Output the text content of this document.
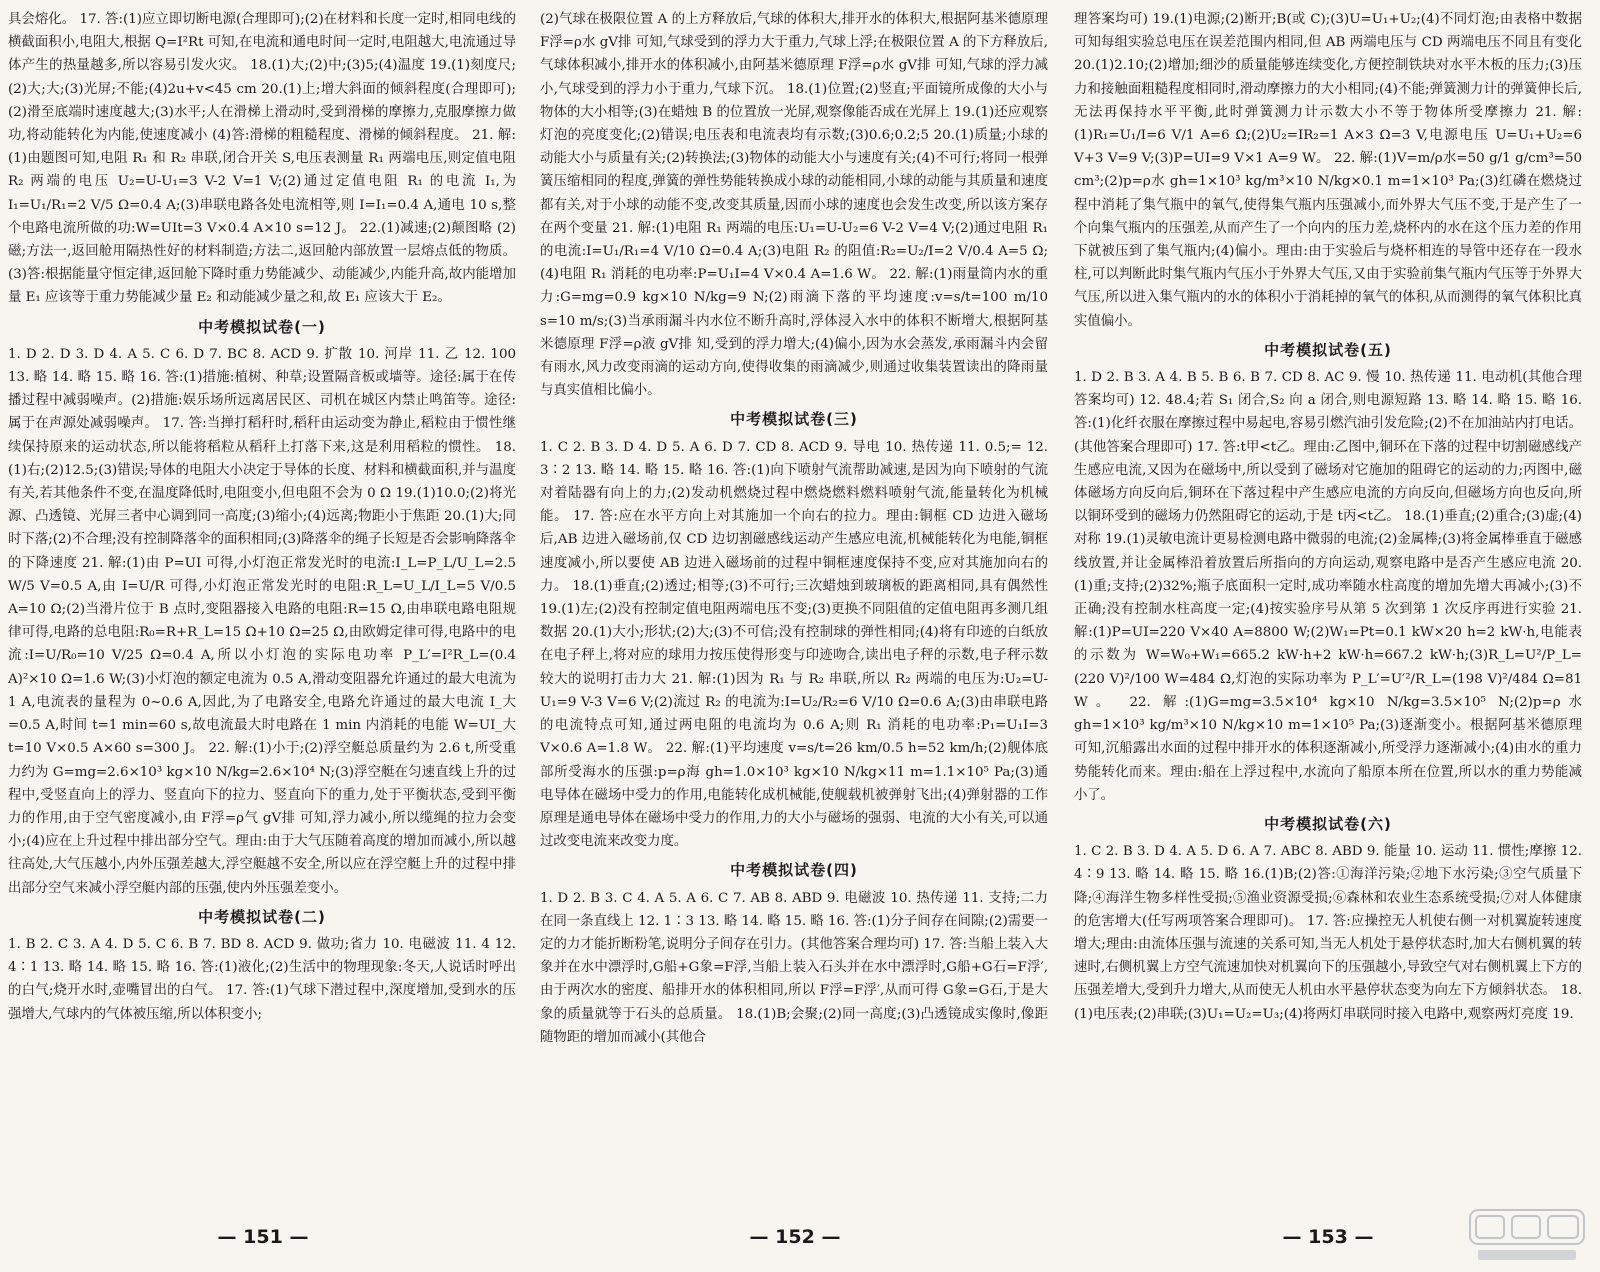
具会熔化。 17. 答:(1)应立即切断电源(合理即可);(2)在材料和长度一定时,相同电线的横截面积小,电阻大,根据 Q=I²Rt 可知,在电流和通电时间一定时,电阻越大,电流通过导体产生的热量越多,所以容易引发火灾。 18.(1)大;(2)中;(3)5;(4)温度 19.(1)刻度尺;(2)大;大;(3)光屏;不能;(4)2u+v<45 cm 20.(1)上;增大斜面的倾斜程度(合理即可);(2)滑至底端时速度越大;(3)水平;人在滑梯上滑动时,受到滑梯的摩擦力,克服摩擦力做功,将动能转化为内能,使速度减小 (4)答:滑梯的粗糙程度、滑梯的倾斜程度。 21. 解:(1)由题图可知,电阻 R₁ 和 R₂ 串联,闭合开关 S,电压表测量 R₁ 两端电压,则定值电阻 R₂ 两端的电压 U₂=U-U₁=3 V-2 V=1 V;(2)通过定值电阻 R₁ 的电流 I₁,为 I₁=U₁/R₁=2 V/5 Ω=0.4 A;(3)串联电路各处电流相等,则 I=I₁=0.4 A,通电 10 s,整个电路电流所做的功:W=UIt=3 V×0.4 A×10 s=12 J。 22.(1)减速;(2)颠图略 (2)磁;方法一,返回舱用隔热性好的材料制造;方法二,返回舱内部放置一层熔点低的物质。(3)答:根据能量守恒定律,返回舱下降时重力势能减少、动能减少,内能升高,故内能增加量 E₁ 应该等于重力势能减少量 E₂ 和动能减少量之和,故 E₁ 应该大于 E₂。

中考模拟试卷(一)

1. D 2. D 3. D 4. A 5. C 6. D 7. BC 8. ACD 9. 扩散 10. 河岸 11. 乙 12. 100 13. 略 14. 略 15. 略 16. 答:(1)措施:植树、种草;设置隔音板或墙等。途径:属于在传播过程中减弱噪声。(2)措施:娱乐场所远离居民区、司机在城区内禁止鸣笛等。途径:属于在声源处减弱噪声。 17. 答:当掸打稻秆时,稻秆由运动变为静止,稻粒由于惯性继续保持原来的运动状态,所以能将稻粒从稻秆上打落下来,这是利用稻粒的惯性。 18.(1)右;(2)12.5;(3)错误;导体的电阻大小决定于导体的长度、材料和横截面积,并与温度有关,若其他条件不变,在温度降低时,电阻变小,但电阻不会为 0 Ω 19.(1)10.0;(2)将光源、凸透镜、光屏三者中心调到同一高度;(3)缩小;(4)远离;物距小于焦距 20.(1)大;同时下落;(2)不合理;没有控制降落伞的面积相同;(3)降落伞的绳子长短是否会影响降落伞的下降速度 21. 解:(1)由 P=UI 可得,小灯泡正常发光时的电流:I_L=P_L/U_L=2.5 W/5 V=0.5 A,由 I=U/R 可得,小灯泡正常发光时的电阻:R_L=U_L/I_L=5 V/0.5 A=10 Ω;(2)当滑片位于 B 点时,变阻器接入电路的电阻:R=15 Ω,由串联电路电阻规律可得,电路的总电阻:R₀=R+R_L=15 Ω+10 Ω=25 Ω,由欧姆定律可得,电路中的电流:I=U/R₀=10 V/25 Ω=0.4 A,所以小灯泡的实际电功率 P_L′=I²R_L=(0.4 A)²×10 Ω=1.6 W;(3)小灯泡的额定电流为 0.5 A,滑动变阻器允许通过的最大电流为 1 A,电流表的量程为 0~0.6 A,因此,为了电路安全,电路允许通过的最大电流 I_大=0.5 A,时间 t=1 min=60 s,故电流最大时电路在 1 min 内消耗的电能 W=UI_大 t=10 V×0.5 A×60 s=300 J。 22. 解:(1)小于;(2)浮空艇总质量约为 2.6 t,所受重力约为 G=mg=2.6×10³ kg×10 N/kg=2.6×10⁴ N;(3)浮空艇在匀速直线上升的过程中,受竖直向上的浮力、竖直向下的拉力、竖直向下的重力,处于平衡状态,受到平衡力的作用,由于空气密度减小,由 F浮=ρ气 gV排 可知,浮力减小,所以缆绳的拉力会变小;(4)应在上升过程中排出部分空气。理由:由于大气压随着高度的增加而减小,所以越往高处,大气压越小,内外压强差越大,浮空艇越不安全,所以应在浮空艇上升的过程中排出部分空气来减小浮空艇内部的压强,使内外压强差变小。

中考模拟试卷(二)

1. B 2. C 3. A 4. D 5. C 6. B 7. BD 8. ACD 9. 做功;省力 10. 电磁波 11. 4 12. 4∶1 13. 略 14. 略 15. 略 16. 答:(1)液化;(2)生活中的物理现象:冬天,人说话时呼出的白气;烧开水时,壶嘴冒出的白气。 17. 答:(1)气球下潜过程中,深度增加,受到水的压强增大,气球内的气体被压缩,所以体积变小;

(2)气球在极限位置 A 的上方释放后,气球的体积大,排开水的体积大,根据阿基米德原理 F浮=ρ水 gV排 可知,气球受到的浮力大于重力,气球上浮;在极限位置 A 的下方释放后,气球体积减小,排开水的体积减小,由阿基米德原理 F浮=ρ水 gV排 可知,气球的浮力减小,气球受到的浮力小于重力,气球下沉。 18.(1)位置;(2)竖直;平面镜所成像的大小与物体的大小相等;(3)在蜡烛 B 的位置放一光屏,观察像能否成在光屏上 19.(1)还应观察灯泡的亮度变化;(2)错误;电压表和电流表均有示数;(3)0.6;0.2;5 20.(1)质量;小球的动能大小与质量有关;(2)转换法;(3)物体的动能大小与速度有关;(4)不可行;将同一根弹簧压缩相同的程度,弹簧的弹性势能转换成小球的动能相同,小球的动能与其质量和速度都有关,对于小球的动能不变,改变其质量,因而小球的速度也会发生改变,所以该方案存在两个变量 21. 解:(1)电阻 R₁ 两端的电压:U₁=U-U₂=6 V-2 V=4 V;(2)通过电阻 R₁ 的电流:I=U₁/R₁=4 V/10 Ω=0.4 A;(3)电阻 R₂ 的阻值:R₂=U₂/I=2 V/0.4 A=5 Ω;(4)电阻 R₁ 消耗的电功率:P=U₁I=4 V×0.4 A=1.6 W。 22. 解:(1)雨量筒内水的重力:G=mg=0.9 kg×10 N/kg=9 N;(2)雨滴下落的平均速度:v=s/t=100 m/10 s=10 m/s;(3)当承雨漏斗内水位不断升高时,浮体浸入水中的体积不断增大,根据阿基米德原理 F浮=ρ液 gV排 知,受到的浮力增大;(4)偏小,因为水会蒸发,承雨漏斗内会留有雨水,风力改变雨滴的运动方向,使得收集的雨滴减少,则通过收集装置读出的降雨量与真实值相比偏小。

中考模拟试卷(三)

1. C 2. B 3. D 4. D 5. A 6. D 7. CD 8. ACD 9. 导电 10. 热传递 11. 0.5;= 12. 3∶2 13. 略 14. 略 15. 略 16. 答:(1)向下喷射气流帮助减速,是因为向下喷射的气流对着陆器有向上的力;(2)发动机燃烧过程中燃烧燃料燃料喷射气流,能量转化为机械能。 17. 答:应在水平方向上对其施加一个向右的拉力。理由:铜框 CD 边进入磁场后,AB 边进入磁场前,仅 CD 边切割磁感线运动产生感应电流,机械能转化为电能,铜框速度减小,所以要使 AB 边进入磁场前的过程中铜框速度保持不变,应对其施加向右的力。 18.(1)垂直;(2)透过;相等;(3)不可行;三次蜡烛到玻璃板的距离相同,具有偶然性 19.(1)左;(2)没有控制定值电阻两端电压不变;(3)更换不同阻值的定值电阻再多测几组数据 20.(1)大小;形状;(2)大;(3)不可信;没有控制球的弹性相同;(4)将有印迹的白纸放在电子秤上,将对应的球用力按压使得形变与印迹吻合,读出电子秤的示数,电子秤示数较大的说明打击力大 21. 解:(1)因为 R₁ 与 R₂ 串联,所以 R₂ 两端的电压为:U₂=U-U₁=9 V-3 V=6 V;(2)流过 R₂ 的电流为:I=U₂/R₂=6 V/10 Ω=0.6 A;(3)由串联电路的电流特点可知,通过两电阻的电流均为 0.6 A;则 R₁ 消耗的电功率:P₁=U₁I=3 V×0.6 A=1.8 W。 22. 解:(1)平均速度 v=s/t=26 km/0.5 h=52 km/h;(2)舰体底部所受海水的压强:p=ρ海 gh=1.0×10³ kg×10 N/kg×11 m=1.1×10⁵ Pa;(3)通电导体在磁场中受力的作用,电能转化成机械能,使舰载机被弹射飞出;(4)弹射器的工作原理是通电导体在磁场中受力的作用,力的大小与磁场的强弱、电流的大小有关,可以通过改变电流来改变力度。

中考模拟试卷(四)

1. D 2. B 3. C 4. A 5. A 6. C 7. AB 8. ABD 9. 电磁波 10. 热传递 11. 支持;二力在同一条直线上 12. 1∶3 13. 略 14. 略 15. 略 16. 答:(1)分子间存在间隙;(2)需要一定的力才能折断粉笔,说明分子间存在引力。(其他答案合理均可) 17. 答:当船上装入大象并在水中漂浮时,G船+G象=F浮,当船上装入石头并在水中漂浮时,G船+G石=F浮′,由于两次水的密度、船排开水的体积相同,所以 F浮=F浮′,从而可得 G象=G石,于是大象的质量就等于石头的总质量。 18.(1)B;会聚;(2)同一高度;(3)凸透镜成实像时,像距随物距的增加而减小(其他合

理答案均可) 19.(1)电源;(2)断开;B(或 C);(3)U=U₁+U₂;(4)不同灯泡;由表格中数据可知每组实验总电压在误差范围内相同,但 AB 两端电压与 CD 两端电压不同且有变化 20.(1)2.10;(2)增加;细沙的质量能够连续变化,方便控制铁块对水平木板的压力;(3)压力和接触面粗糙程度相同时,滑动摩擦力的大小相同;(4)不能;弹簧测力计的弹簧伸长后,无法再保持水平平衡,此时弹簧测力计示数大小不等于物体所受摩擦力 21. 解:(1)R₁=U₁/I=6 V/1 A=6 Ω;(2)U₂=IR₂=1 A×3 Ω=3 V,电源电压 U=U₁+U₂=6 V+3 V=9 V;(3)P=UI=9 V×1 A=9 W。 22. 解:(1)V=m/ρ水=50 g/1 g/cm³=50 cm³;(2)p=ρ水 gh=1×10³ kg/m³×10 N/kg×0.1 m=1×10³ Pa;(3)红磷在燃烧过程中消耗了集气瓶中的氧气,使得集气瓶内压强减小,而外界大气压不变,于是产生了一个向集气瓶内的压强差,从而产生了一个向内的压力差,烧杯内的水在这个压力差的作用下就被压到了集气瓶内;(4)偏小。理由:由于实验后与烧杯相连的导管中还存在一段水柱,可以判断此时集气瓶内气压小于外界大气压,又由于实验前集气瓶内气压等于外界大气压,所以进入集气瓶内的水的体积小于消耗掉的氧气的体积,从而测得的氧气体积比真实值偏小。

中考模拟试卷(五)

1. D 2. B 3. A 4. B 5. B 6. B 7. CD 8. AC 9. 慢 10. 热传递 11. 电动机(其他合理答案均可) 12. 48.4;若 S₁ 闭合,S₂ 向 a 闭合,则电源短路 13. 略 14. 略 15. 略 16. 答:(1)化纤衣服在摩擦过程中易起电,容易引燃汽油引发危险;(2)不在加油站内打电话。(其他答案合理即可) 17. 答:t甲<t乙。理由:乙图中,铜环在下落的过程中切割磁感线产生感应电流,又因为在磁场中,所以受到了磁场对它施加的阻碍它的运动的力;丙图中,磁体磁场方向反向后,铜环在下落过程中产生感应电流的方向反向,但磁场方向也反向,所以铜环受到的磁场力仍然阻碍它的运动,于是 t丙<t乙。 18.(1)垂直;(2)重合;(3)虚;(4)对称 19.(1)灵敏电流计更易检测电路中微弱的电流;(2)金属棒;(3)将金属棒垂直于磁感线放置,并让金属棒沿着放置后所指向的方向运动,观察电路中是否产生感应电流 20.(1)重;支持;(2)32%;瓶子底面积一定时,成功率随水柱高度的增加先增大再减小;(3)不正确;没有控制水柱高度一定;(4)按实验序号从第 5 次到第 1 次反序再进行实验 21. 解:(1)P=UI=220 V×40 A=8800 W;(2)W₁=Pt=0.1 kW×20 h=2 kW·h,电能表的示数为 W=W₀+W₁=665.2 kW·h+2 kW·h=667.2 kW·h;(3)R_L=U²/P_L=(220 V)²/100 W=484 Ω,灯泡的实际功率为 P_L′=U′²/R_L=(198 V)²/484 Ω=81 W。 22. 解:(1)G=mg=3.5×10⁴ kg×10 N/kg=3.5×10⁵ N;(2)p=ρ水 gh=1×10³ kg/m³×10 N/kg×10 m=1×10⁵ Pa;(3)逐渐变小。根据阿基米德原理可知,沉船露出水面的过程中排开水的体积逐渐减小,所受浮力逐渐减小;(4)由水的重力势能转化而来。理由:船在上浮过程中,水流向了船原本所在位置,所以水的重力势能减小了。

中考模拟试卷(六)

1. C 2. B 3. D 4. A 5. D 6. A 7. ABC 8. ABD 9. 能量 10. 运动 11. 惯性;摩擦 12. 4∶9 13. 略 14. 略 15. 略 16.(1)B;(2)答:①海洋污染;②地下水污染;③空气质量下降;④海洋生物多样性受损;⑤渔业资源受损;⑥森林和农业生态系统受损;⑦对人体健康的危害增大(任写两项答案合理即可)。 17. 答:应操控无人机使右侧一对机翼旋转速度增大;理由:由流体压强与流速的关系可知,当无人机处于悬停状态时,加大右侧机翼的转速时,右侧机翼上方空气流速加快对机翼向下的压强越小,导致空气对右侧机翼上下方的压强差增大,受到升力增大,从而使无人机由水平悬停状态变为向左下方倾斜状态。 18.(1)电压表;(2)串联;(3)U₁=U₂=U₃;(4)将两灯串联同时接入电路中,观察两灯亮度 19.

— 151 —	— 152 —	— 153 —
